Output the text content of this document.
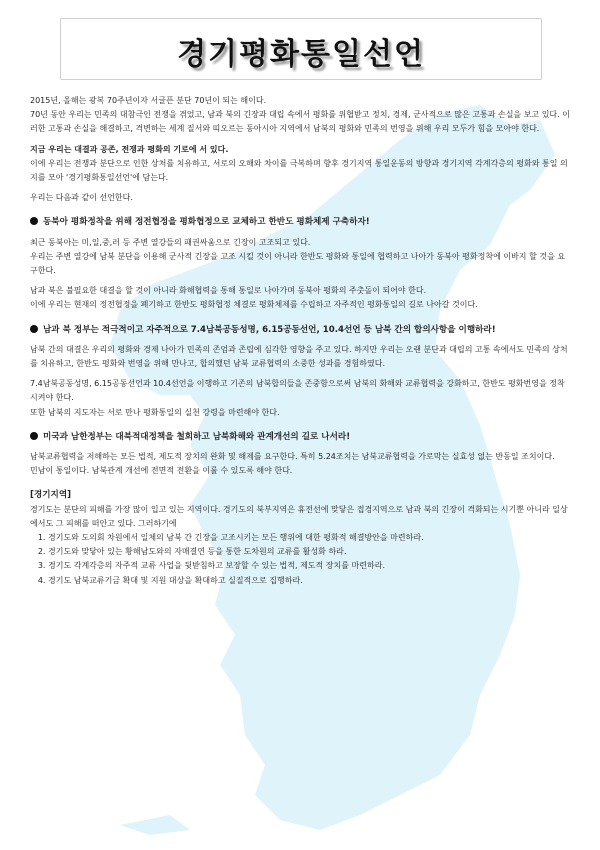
경기평화통일선언

2015년, 올해는 광복 70주년이자 서글픈 분단 70년이 되는 해이다.

70년 동안 우리는 민족의 대참극인 전쟁을 겪었고, 남과 북의 긴장과 대립 속에서 평화를 위협받고 정치, 경제, 군사적으로 많은 고통과 손실을 보고 있다. 이러한 고통과 손실을 해결하고, 격변하는 세계 질서와 띠오르는 동아시아 지역에서 남북의 평화와 민족의 번영을 위해 우리 모두가 힘을 모아야 한다.

지금 우리는 대결과 공존, 전쟁과 평화의 기로에 서 있다.

이에 우리는 전쟁과 분단으로 인한 상처를 치유하고, 서로의 오해와 차이를 극복하며 향후 경기지역 통일운동의 방향과 경기지역 각계각층의 평화와 통일 의지를 모아 '경기평화통일선언'에 담는다.

우리는 다음과 같이 선언한다.

동북아 평화정착을 위해 정전협정을 평화협정으로 교체하고 한반도 평화체제 구축하자!

최근 동북아는 미,일,중,러 등 주변 열강들의 패권싸움으로 긴장이 고조되고 있다.

우리는 주변 열강에 남북 분단을 이용해 군사적 긴장을 고조 시킬 것이 아니라 한반도 평화와 통일에 협력하고 나아가 동북아 평화정착에 이바지 할 것을 요구한다.

남과 북은 불필요한 대결을 할 것이 아니라 화해협력을 통해 통일로 나아가며 동북아 평화의 주춧돌이 되어야 한다.

이에 우리는 현재의 정전협정을 폐기하고 한반도 평화협정 체결로 평화체제를 수립하고 자주적인 평화통일의 길로 나아갈 것이다.

남과 북 정부는 적극적이고 자주적으로 7.4남북공동성명, 6.15공동선언, 10.4선언 등 남북 간의 합의사항을 이행하라!

남북 간의 대결은 우리의 평화와 경제 나아가 민족의 존엄과 존립에 심각한 영향을 주고 있다. 하지만 우리는 오랜 분단과 대립의 고통 속에서도 민족의 상처를 치유하고, 한반도 평화와 번영을 위해 만나고, 합의했던 남북 교류협력의 소중한 성과를 경험하였다.

7.4남북공동성명, 6.15공동선언과 10.4선언을 이행하고 기존의 남북합의들을 존중함으로써 남북의 화해와 교류협력을 강화하고, 한반도 평화번영을 정착시켜야 한다.

또한 남북의 지도자는 서로 만나 평화통일의 실천 강령을 마련해야 한다.

미국과 남한정부는 대북적대정책을 철회하고 남북화해와 관계개선의 길로 나서라!

남북교류협력을 저해하는 모든 법적, 제도적 장치의 완화 및 해제를 요구한다. 특히 5.24조치는 남북교류협력을 가로막는 실효성 없는 반동일 조치이다.

민남이 통일이다. 남북관계 개선에 전면적 전환을 이룰 수 있도록 해야 한다.

[경기지역]

경기도는 분단의 피해를 가장 많이 입고 있는 지역이다. 경기도의 북부지역은 휴전선에 맞닿은 접경지역으로 남과 북의 긴장이 격화되는 시기뿐 아니라 일상에서도 그 피해를 떠안고 있다. 그러하기에

1. 경기도와 도의회 차원에서 일체의 남북 간 긴장을 고조시키는 모든 행위에 대한 평화적 해결방안을 마련하라.
2. 경기도와 맞닿아 있는 황해남도와의 자매결연 등을 통한 도차원의 교류를 활성화 하라.
3. 경기도 각계각층의 자주적 교류 사업을 뒷받침하고 보장할 수 있는 법적, 제도적 장치를 마련하라.
4. 경기도 남북교류기금 확대 및 지원 대상을 확대하고 실질적으로 집행하라.
